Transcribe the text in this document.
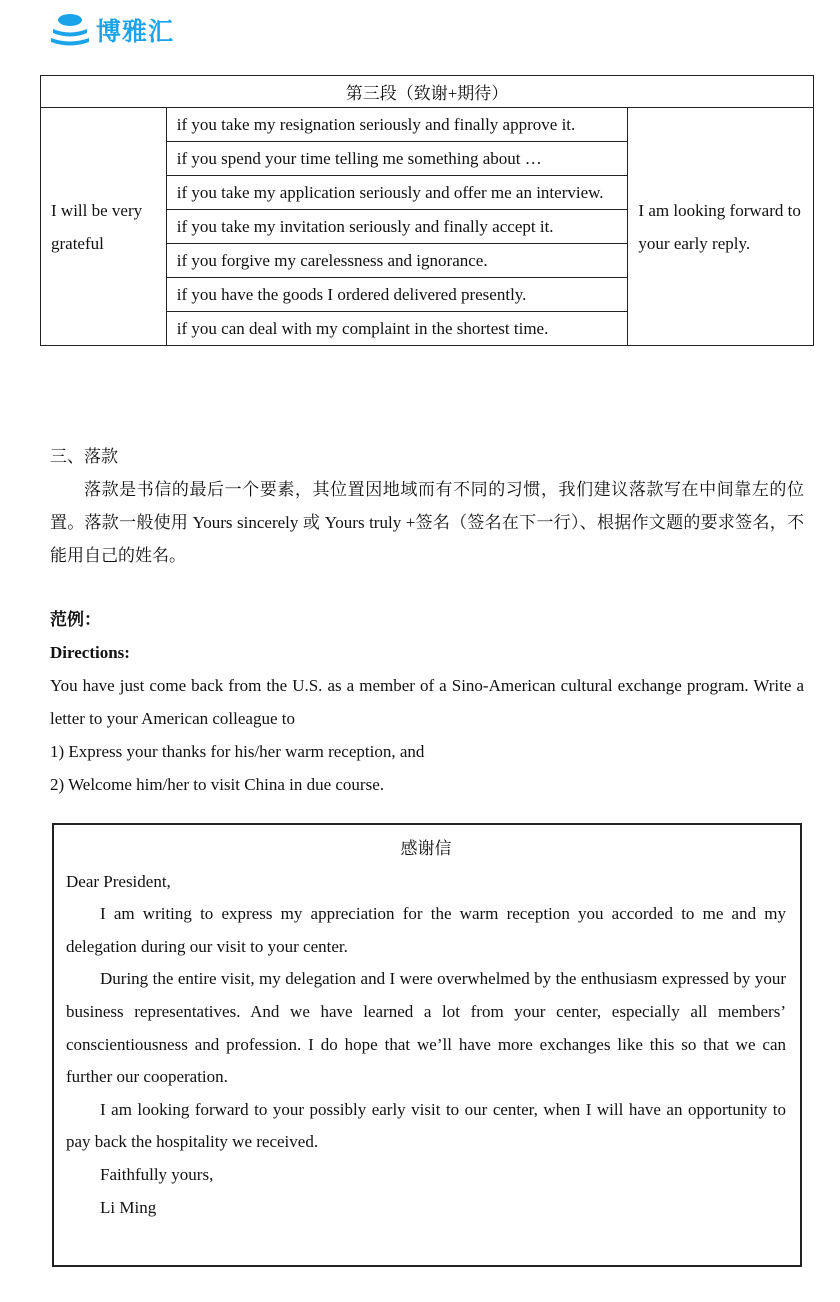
博雅汇
第三段（致谢+期待）
I will be very grateful	if you take my resignation seriously and finally approve it.	I am looking forward to your early reply.
if you spend your time telling me something about …
if you take my application seriously and offer me an interview.
if you take my invitation seriously and finally accept it.
if you forgive my carelessness and ignorance.
if you have the goods I ordered delivered presently.
if you can deal with my complaint in the shortest time.

三、落款

落款是书信的最后一个要素，其位置因地域而有不同的习惯，我们建议落款写在中间靠左的位置。落款一般使用 Yours sincerely 或 Yours truly +签名（签名在下一行）、根据作文题的要求签名，不能用自己的姓名。

范例：

Directions:

You have just come back from the U.S. as a member of a Sino-American cultural exchange program. Write a letter to your American colleague to

1) Express your thanks for his/her warm reception, and

2) Welcome him/her to visit China in due course.

感谢信

Dear President,

I am writing to express my appreciation for the warm reception you accorded to me and my delegation during our visit to your center.

During the entire visit, my delegation and I were overwhelmed by the enthusiasm expressed by your business representatives. And we have learned a lot from your center, especially all members’ conscientiousness and profession. I do hope that we’ll have more exchanges like this so that we can further our cooperation.

I am looking forward to your possibly early visit to our center, when I will have an opportunity to pay back the hospitality we received.

Faithfully yours,

Li Ming
